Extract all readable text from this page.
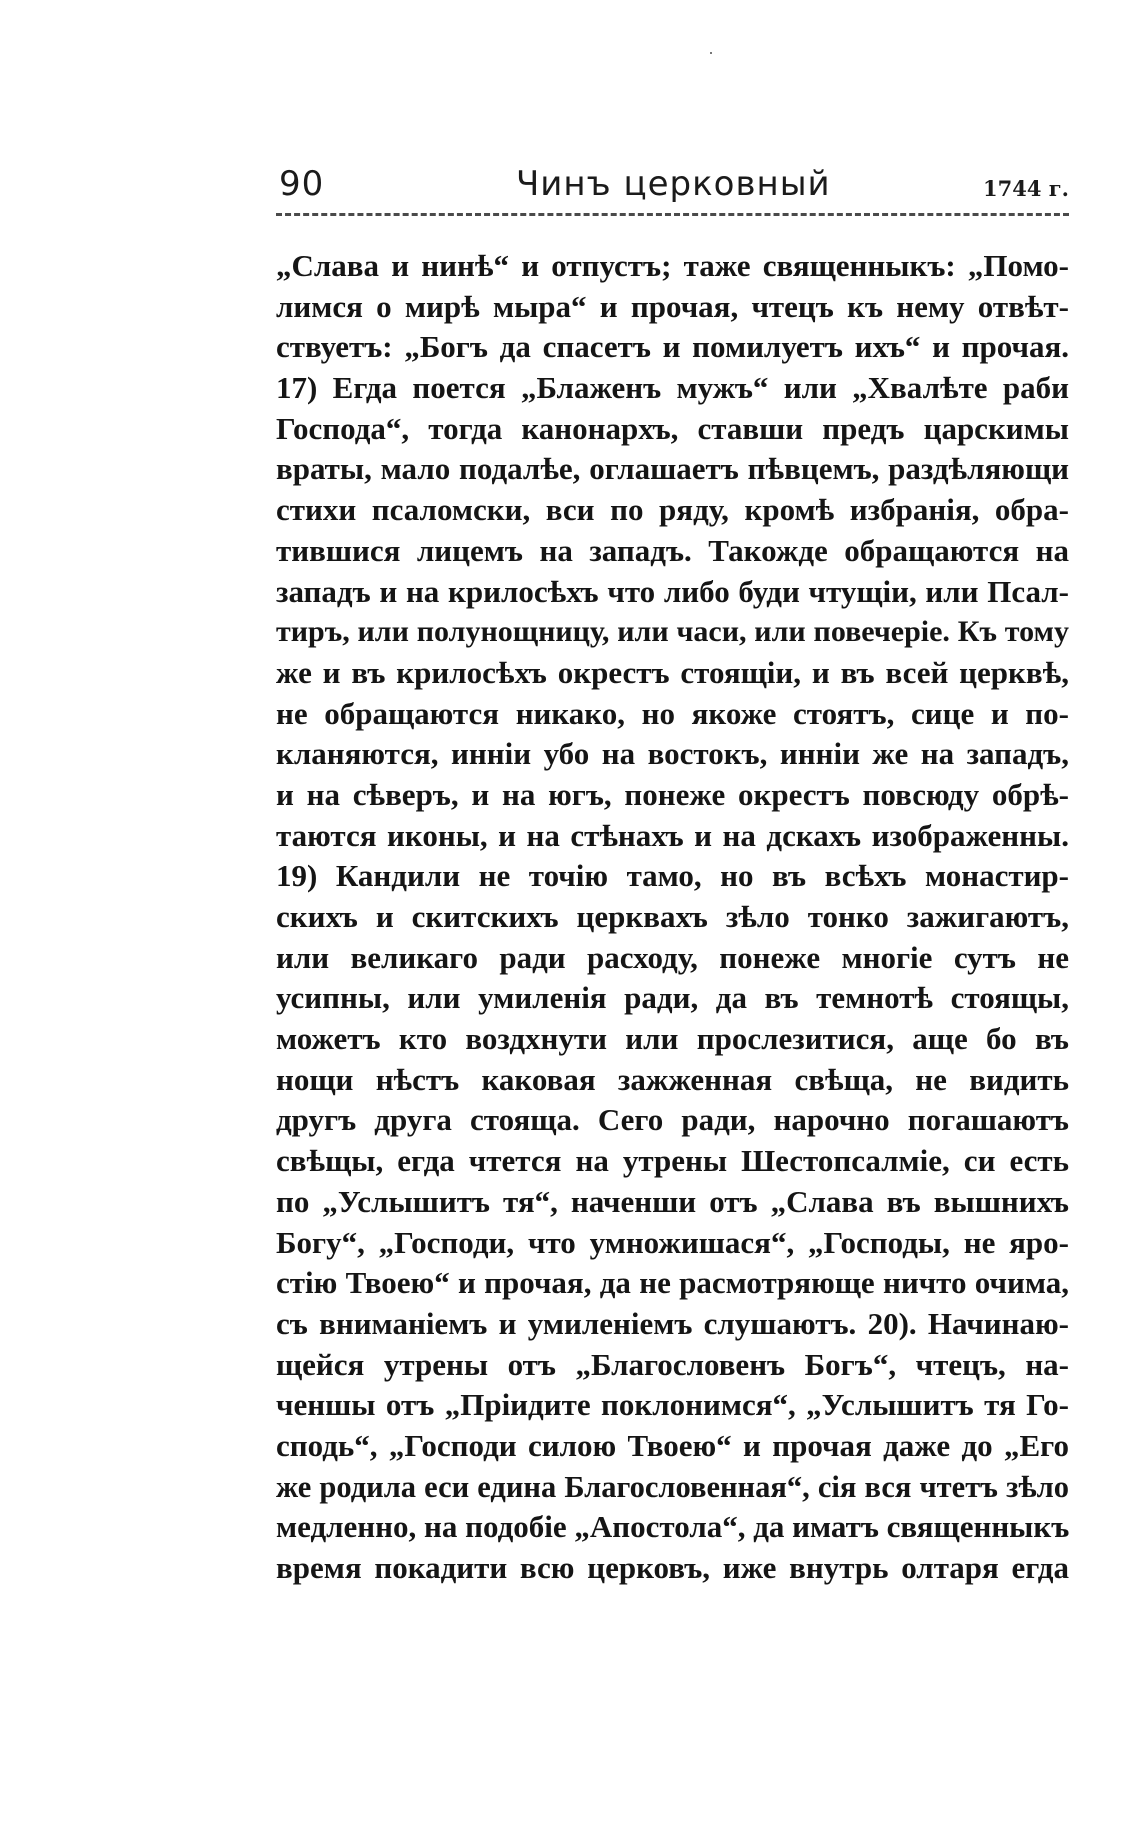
90	Чинъ церковный	1744 г.
„Слава и нинѣ“ и отпустъ; таже священныкъ: „Помо-
лимся о мирѣ мыра“ и прочая, чтецъ къ нему отвѣт-
ствуетъ: „Богъ да спасетъ и помилуетъ ихъ“ и прочая.
17) Егда поется „Блаженъ мужъ“ или „Хвалѣте раби
Господа“, тогда канонархъ, ставши предъ царскимы
враты, мало подалѣе, оглашаетъ пѣвцемъ, раздѣляющи
стихи псаломски, вси по ряду, кромѣ избранія, обра-
тившися лицемъ на западъ. Такожде обращаются на
западъ и на крилосѣхъ что либо буди чтущіи, или Псал-
тиръ, или полунощницу, или часи, или повечеріе. Къ тому
же и въ крилосѣхъ окрестъ стоящіи, и въ всей церквѣ,
не обращаются никако, но якоже стоятъ, сице и по-
кланяются, инніи убо на востокъ, инніи же на западъ,
и на сѣверъ, и на югъ, понеже окрестъ повсюду обрѣ-
таются иконы, и на стѣнахъ и на дскахъ изображенны.
19) Кандили не точію тамо, но въ всѣхъ монастир-
скихъ и скитскихъ церквахъ зѣло тонко зажигаютъ,
или великаго ради расходу, понеже многіе сутъ не
усипны, или умиленія ради, да въ темнотѣ стоящы,
можетъ кто воздхнути или прослезитися, аще бо въ
нощи нѣстъ каковая зажженная свѣща, не видить
другъ друга стояща. Сего ради, нарочно погашаютъ
свѣщы, егда чтется на утрены Шестопсалміе, си есть
по „Услышитъ тя“, наченши отъ „Слава въ вышнихъ
Богу“, „Господи, что умножишася“, „Господы, не яро-
стію Твоею“ и прочая, да не расмотряюще ничто очима,
съ вниманіемъ и умиленіемъ слушаютъ. 20). Начинаю-
щейся утрены отъ „Благословенъ Богъ“, чтецъ, на-
ченшы отъ „Пріидите поклонимся“, „Услышитъ тя Го-
сподь“, „Господи силою Твоею“ и прочая даже до „Его
же родила еси едина Благословенная“, сія вся чтетъ зѣло
медленно, на подобіе „Апостола“, да иматъ священныкъ
время покадити всю церковъ, иже внутрь олтаря егда
